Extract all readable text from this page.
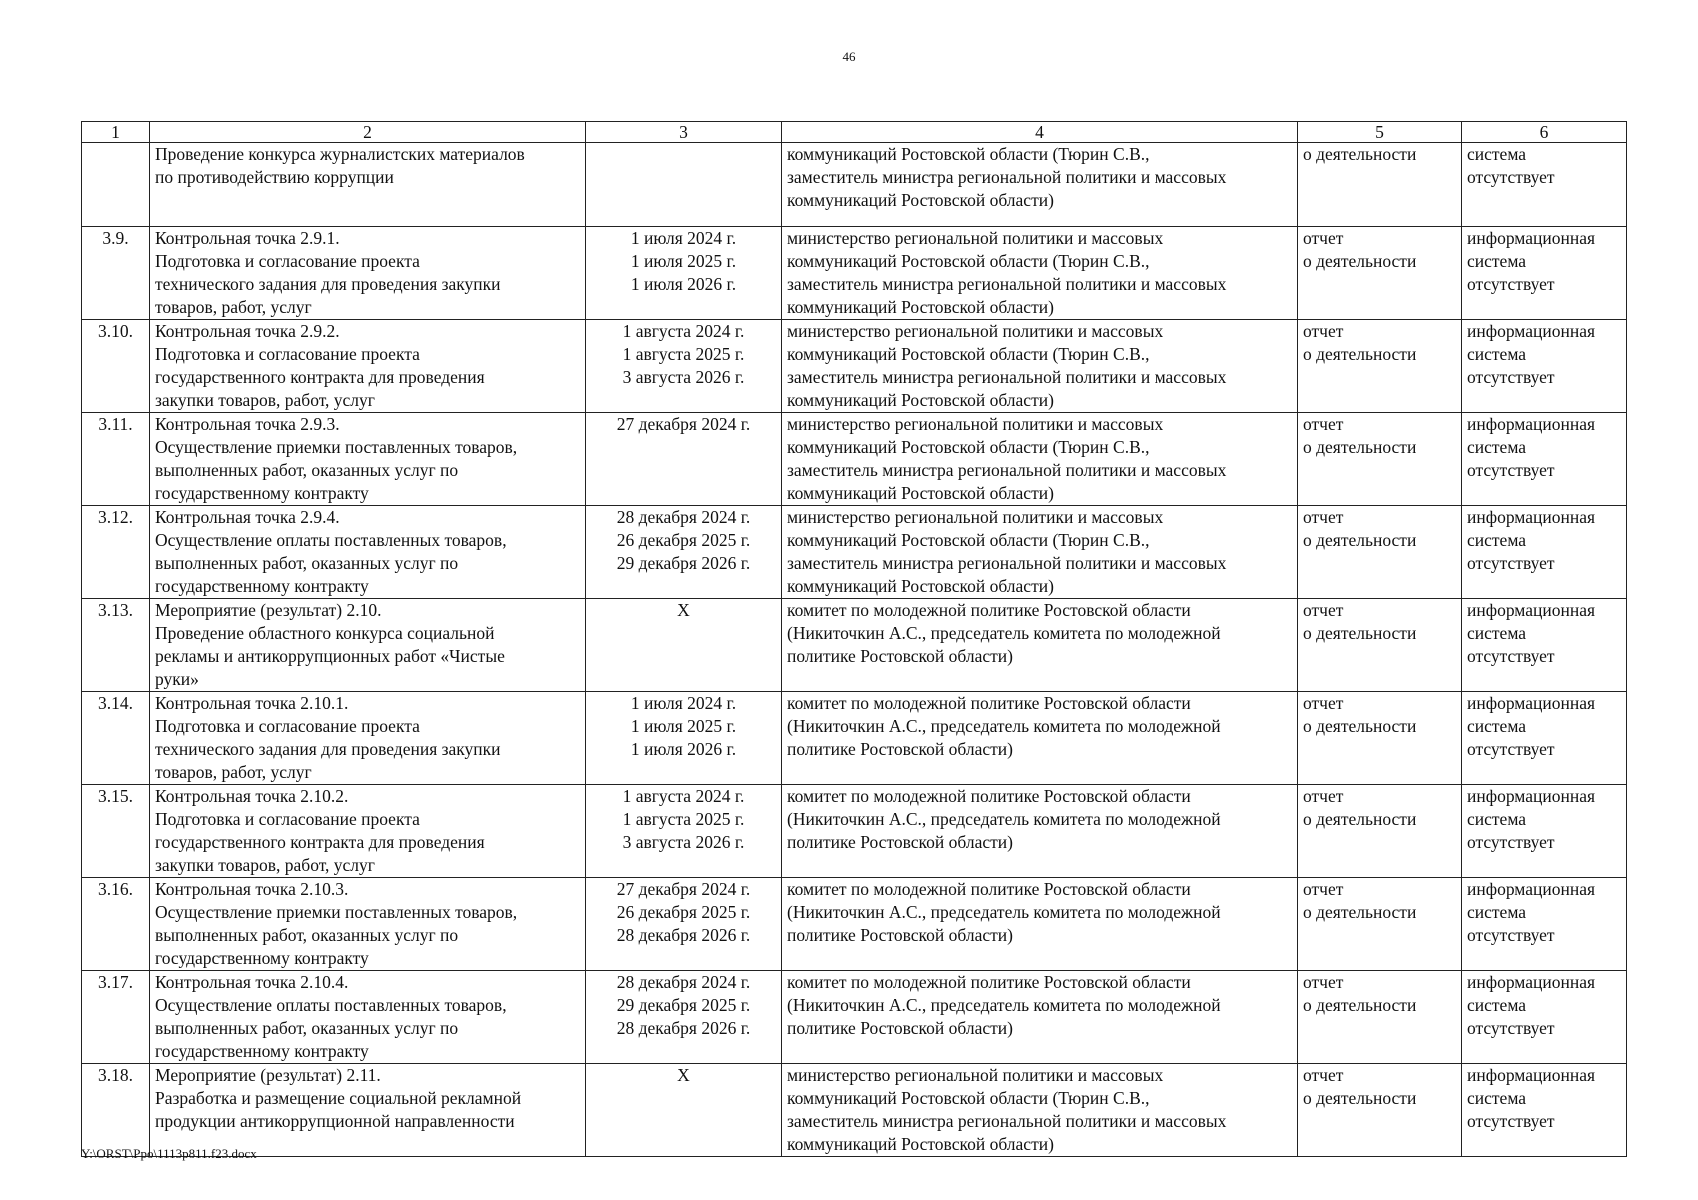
46
1	2	3	4	5	6

	Проведение конкурса журналистских материалов
по противодействию коррупции		коммуникаций Ростовской области (Тюрин С.В.,
заместитель министра региональной политики и массовых
коммуникаций Ростовской области)	о деятельности	система
отсутствует

3.9.	Контрольная точка 2.9.1.
Подготовка и согласование проекта
технического задания для проведения закупки
товаров, работ, услуг	1 июля 2024 г.
1 июля 2025 г.
1 июля 2026 г.	министерство региональной политики и массовых
коммуникаций Ростовской области (Тюрин С.В.,
заместитель министра региональной политики и массовых
коммуникаций Ростовской области)	отчет
о деятельности	информационная
система
отсутствует

3.10.	Контрольная точка 2.9.2.
Подготовка и согласование проекта
государственного контракта для проведения
закупки товаров, работ, услуг	1 августа 2024 г.
1 августа 2025 г.
3 августа 2026 г.	министерство региональной политики и массовых
коммуникаций Ростовской области (Тюрин С.В.,
заместитель министра региональной политики и массовых
коммуникаций Ростовской области)	отчет
о деятельности	информационная
система
отсутствует

3.11.	Контрольная точка 2.9.3.
Осуществление приемки поставленных товаров,
выполненных работ, оказанных услуг по
государственному контракту	27 декабря 2024 г.	министерство региональной политики и массовых
коммуникаций Ростовской области (Тюрин С.В.,
заместитель министра региональной политики и массовых
коммуникаций Ростовской области)	отчет
о деятельности	информационная
система
отсутствует

3.12.	Контрольная точка 2.9.4.
Осуществление оплаты поставленных товаров,
выполненных работ, оказанных услуг по
государственному контракту	28 декабря 2024 г.
26 декабря 2025 г.
29 декабря 2026 г.	министерство региональной политики и массовых
коммуникаций Ростовской области (Тюрин С.В.,
заместитель министра региональной политики и массовых
коммуникаций Ростовской области)	отчет
о деятельности	информационная
система
отсутствует

3.13.	Мероприятие (результат) 2.10.
Проведение областного конкурса социальной
рекламы и антикоррупционных работ «Чистые
руки»	Х	комитет по молодежной политике Ростовской области
(Никиточкин А.С., председатель комитета по молодежной
политике Ростовской области)	отчет
о деятельности	информационная
система
отсутствует

3.14.	Контрольная точка 2.10.1.
Подготовка и согласование проекта
технического задания для проведения закупки
товаров, работ, услуг	1 июля 2024 г.
1 июля 2025 г.
1 июля 2026 г.	комитет по молодежной политике Ростовской области
(Никиточкин А.С., председатель комитета по молодежной
политике Ростовской области)	отчет
о деятельности	информационная
система
отсутствует

3.15.	Контрольная точка 2.10.2.
Подготовка и согласование проекта
государственного контракта для проведения
закупки товаров, работ, услуг	1 августа 2024 г.
1 августа 2025 г.
3 августа 2026 г.	комитет по молодежной политике Ростовской области
(Никиточкин А.С., председатель комитета по молодежной
политике Ростовской области)	отчет
о деятельности	информационная
система
отсутствует

3.16.	Контрольная точка 2.10.3.
Осуществление приемки поставленных товаров,
выполненных работ, оказанных услуг по
государственному контракту	27 декабря 2024 г.
26 декабря 2025 г.
28 декабря 2026 г.	комитет по молодежной политике Ростовской области
(Никиточкин А.С., председатель комитета по молодежной
политике Ростовской области)	отчет
о деятельности	информационная
система
отсутствует

3.17.	Контрольная точка 2.10.4.
Осуществление оплаты поставленных товаров,
выполненных работ, оказанных услуг по
государственному контракту	28 декабря 2024 г.
29 декабря 2025 г.
28 декабря 2026 г.	комитет по молодежной политике Ростовской области
(Никиточкин А.С., председатель комитета по молодежной
политике Ростовской области)	отчет
о деятельности	информационная
система
отсутствует

3.18.	Мероприятие (результат) 2.11.
Разработка и размещение социальной рекламной
продукции антикоррупционной направленности	Х	министерство региональной политики и массовых
коммуникаций Ростовской области (Тюрин С.В.,
заместитель министра региональной политики и массовых
коммуникаций Ростовской области)	отчет
о деятельности	информационная
система
отсутствует
Y:\ORST\Ppo\1113p811.f23.docx
